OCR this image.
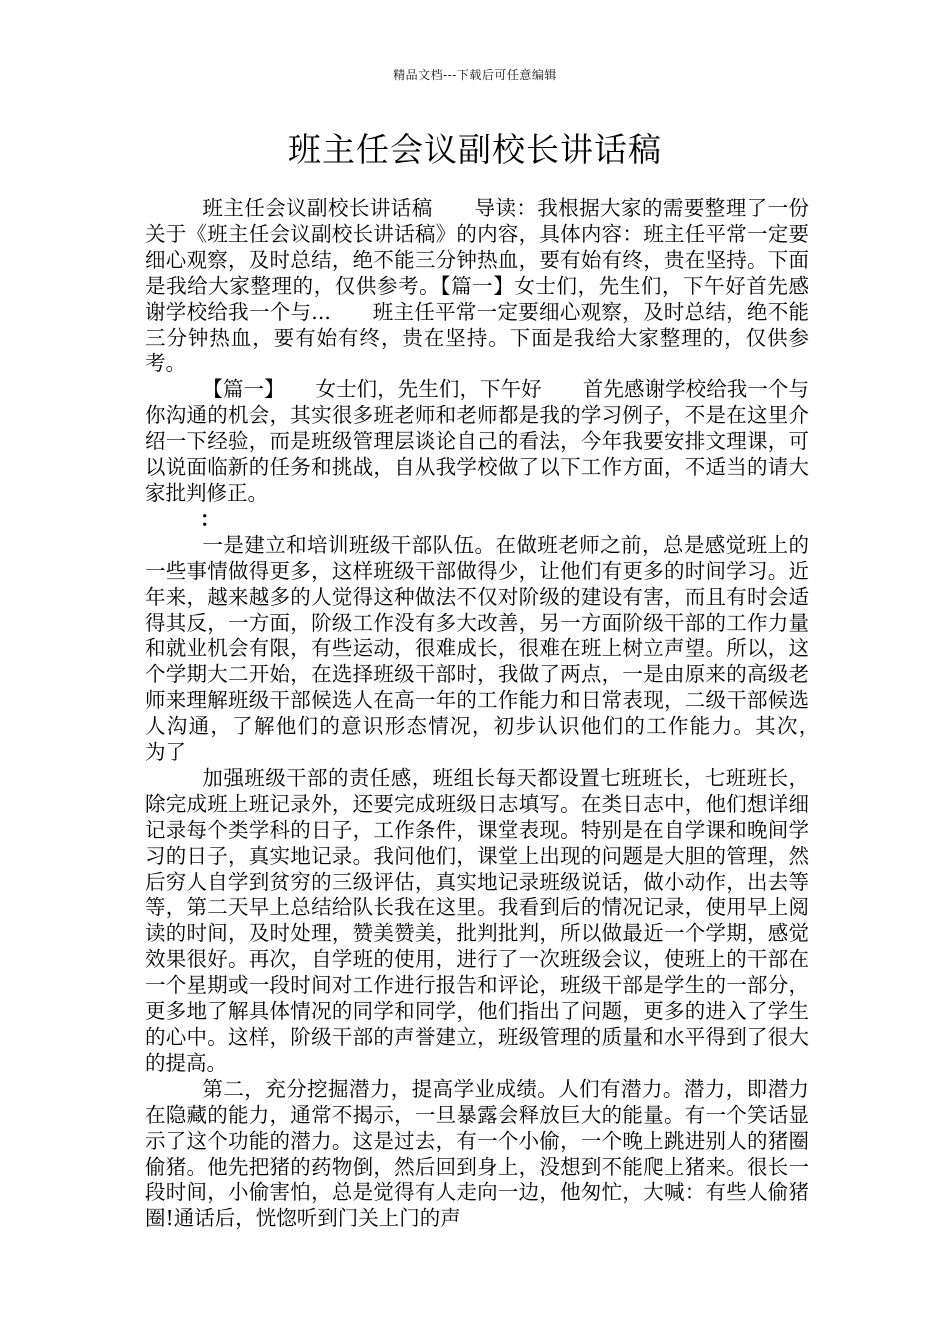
精品文档---下载后可任意编辑
班主任会议副校长讲话稿

班主任会议副校长讲话稿　　导读：我根据大家的需要整理了一份关于《班主任会议副校长讲话稿》的内容，具体内容：班主任平常一定要细心观察，及时总结，绝不能三分钟热血，要有始有终，贵在坚持。下面是我给大家整理的，仅供参考。【篇一】女士们，先生们，下午好首先感谢学校给我一个与...　　班主任平常一定要细心观察，及时总结，绝不能三分钟热血，要有始有终，贵在坚持。下面是我给大家整理的，仅供参考。

【篇一】　　女士们，先生们，下午好　　首先感谢学校给我一个与你沟通的机会，其实很多班老师和老师都是我的学习例子，不是在这里介绍一下经验，而是班级管理层谈论自己的看法，今年我要安排文理课，可以说面临新的任务和挑战，自从我学校做了以下工作方面，不适当的请大家批判修正。

：

一是建立和培训班级干部队伍。在做班老师之前，总是感觉班上的一些事情做得更多，这样班级干部做得少，让他们有更多的时间学习。近年来，越来越多的人觉得这种做法不仅对阶级的建设有害，而且有时会适得其反，一方面，阶级工作没有多大改善，另一方面阶级干部的工作力量和就业机会有限，有些运动，很难成长，很难在班上树立声望。所以，这个学期大二开始，在选择班级干部时，我做了两点，一是由原来的高级老师来理解班级干部候选人在高一年的工作能力和日常表现，二级干部候选人沟通，了解他们的意识形态情况，初步认识他们的工作能力。其次，　为了

加强班级干部的责任感，班组长每天都设置七班班长，七班班长，除完成班上班记录外，还要完成班级日志填写。在类日志中，他们想详细记录每个类学科的日子，工作条件，课堂表现。特别是在自学课和晚间学习的日子，真实地记录。我问他们，课堂上出现的问题是大胆的管理，然后穷人自学到贫穷的三级评估，真实地记录班级说话，做小动作，出去等等，第二天早上总结给队长我在这里。我看到后的情况记录，使用早上阅读的时间，及时处理，赞美赞美，批判批判，所以做最近一个学期，感觉效果很好。再次，自学班的使用，进行了一次班级会议，使班上的干部在一个星期或一段时间对工作进行报告和评论，班级干部是学生的一部分，更多地了解具体情况的同学和同学，他们指出了问题，更多的进入了学生的心中。这样，阶级干部的声誉建立，班级管理的质量和水平得到了很大的提高。

第二，充分挖掘潜力，提高学业成绩。人们有潜力。潜力，即潜力　在隐藏的能力，通常不揭示，一旦暴露会释放巨大的能量。有一个笑话显示了这个功能的潜力。这是过去，有一个小偷，一个晚上跳进别人的猪圈偷猪。他先把猪的药物倒，然后回到身上，没想到不能爬上猪来。很长一段时间，小偷害怕，总是觉得有人走向一边，他匆忙，大喊：有些人偷猪圈!通话后，恍惚听到门关上门的声
